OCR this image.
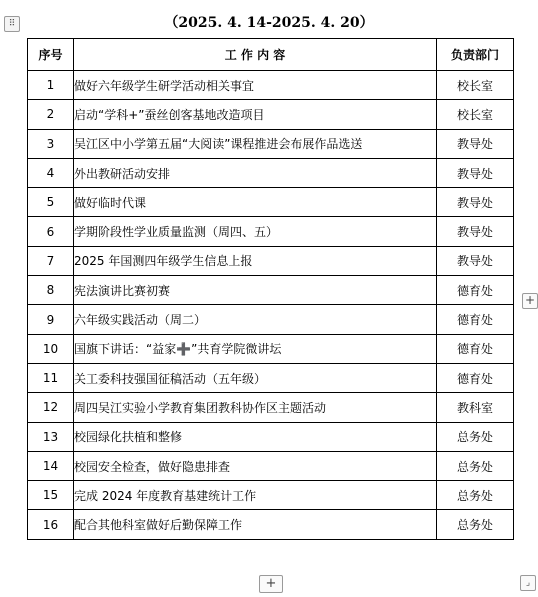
⠿	（2025. 4. 14-2025. 4. 20）
序号	工 作 内 容	负责部门
1	做好六年级学生研学活动相关事宜	校长室
2	启动“学科+”蚕丝创客基地改造项目	校长室
3	吴江区中小学第五届“大阅读”课程推进会布展作品选送	教导处
4	外出教研活动安排	教导处
5	做好临时代课	教导处
6	学期阶段性学业质量监测（周四、五）	教导处
7	2025 年国测四年级学生信息上报	教导处
8	宪法演讲比赛初赛	德育处
9	六年级实践活动（周二）	德育处
10	国旗下讲话：“益家➕”共育学院微讲坛	德育处
11	关工委科技强国征稿活动（五年级）	德育处
12	周四吴江实验小学教育集团教科协作区主题活动	教科室
13	校园绿化扶植和整修	总务处
14	校园安全检查，做好隐患排查	总务处
15	完成 2024 年度教育基建统计工作	总务处
16	配合其他科室做好后勤保障工作	总务处
+
+	⌟
